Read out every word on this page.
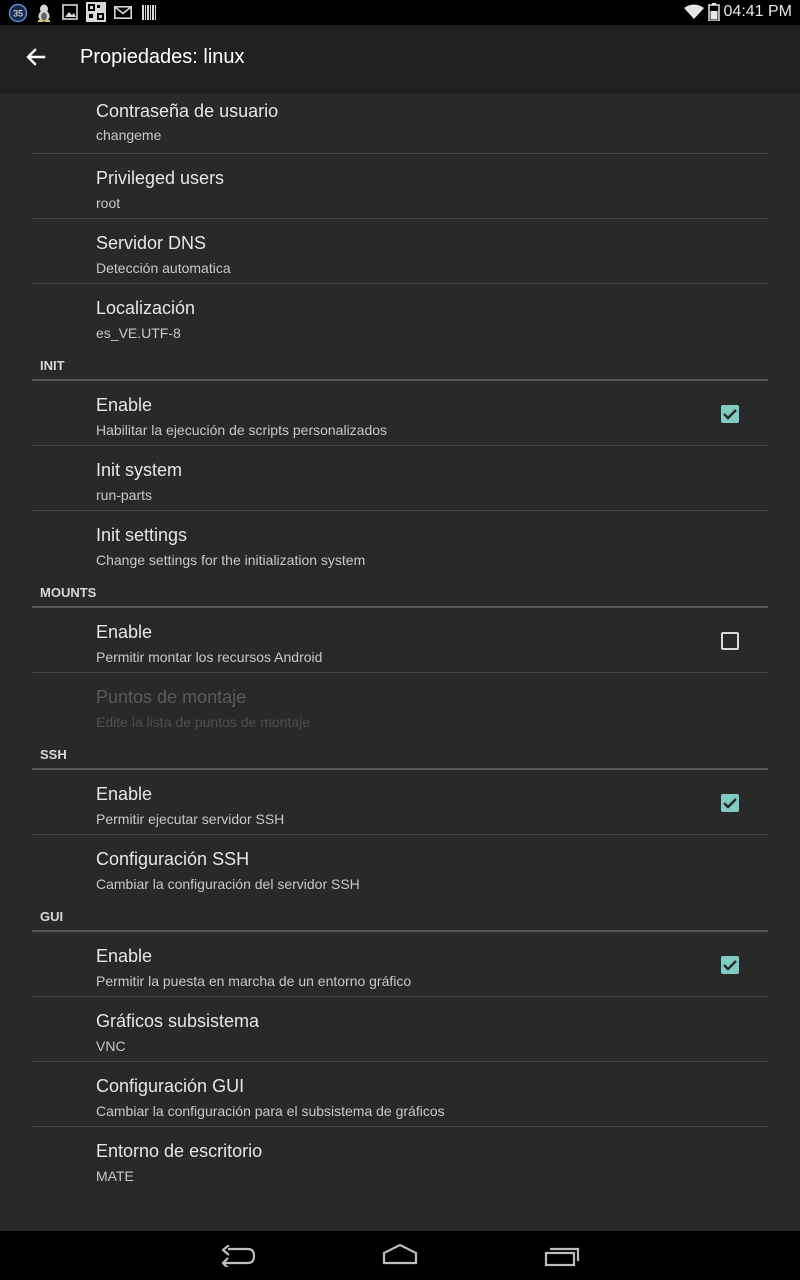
35	04:41 PM
Propiedades: linux
Contraseña de usuario
changeme
Privileged users
root
Servidor DNS
Detección automatica
Localización
es_VE.UTF-8
INIT
Enable
Habilitar la ejecución de scripts personalizados
Init system
run-parts
Init settings
Change settings for the initialization system
MOUNTS
Enable
Permitir montar los recursos Android
Puntos de montaje
Edite la lista de puntos de montaje
SSH
Enable
Permitir ejecutar servidor SSH
Configuración SSH
Cambiar la configuración del servidor SSH
GUI
Enable
Permitir la puesta en marcha de un entorno gráfico
Gráficos subsistema
VNC
Configuración GUI
Cambiar la configuración para el subsistema de gráficos
Entorno de escritorio
MATE
